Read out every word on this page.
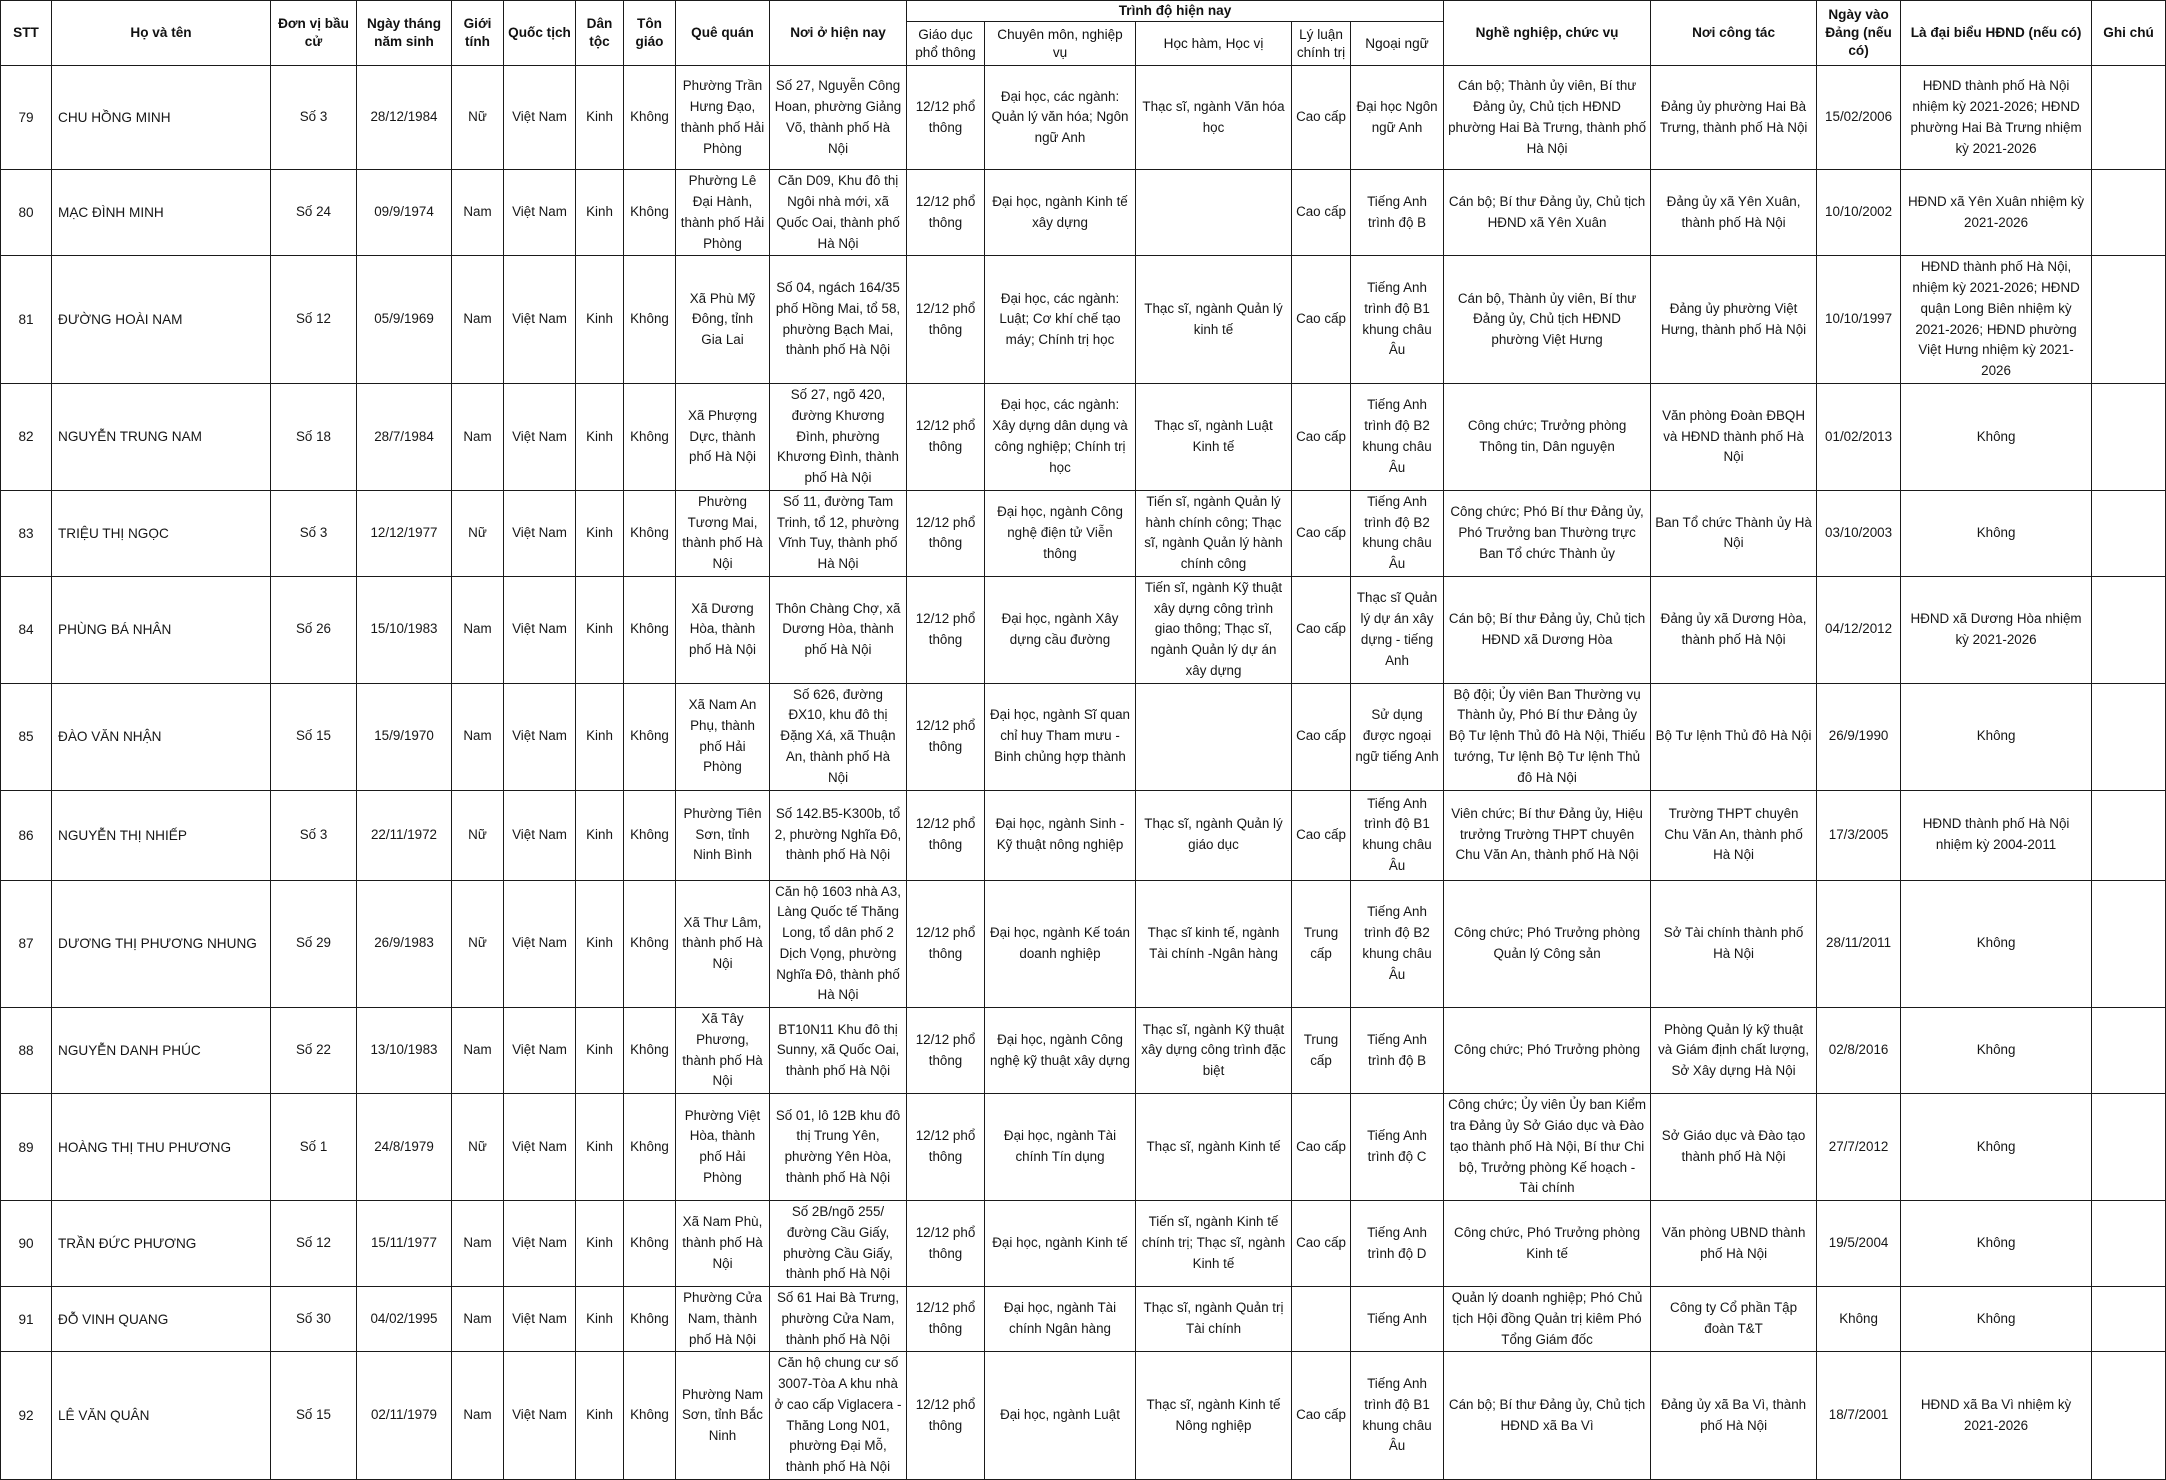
STT	Họ và tên	Đơn vị bầu cử	Ngày tháng năm sinh	Giới tính	Quốc tịch	Dân tộc	Tôn giáo	Quê quán	Nơi ở hiện nay	Trình độ hiện nay					Nghề nghiệp, chức vụ	Nơi công tác	Ngày vào Đảng (nếu có)	Là đại biểu HĐND (nếu có)	Ghi chú
										Giáo dục phổ thông	Chuyên môn, nghiệp vụ	Học hàm, Học vị	Lý luận chính trị	Ngoại ngữ					
79	CHU HỒNG MINH	Số 3	28/12/1984	Nữ	Việt Nam	Kinh	Không	Phường Trần Hưng Đạo, thành phố Hải Phòng	Số 27, Nguyễn Công Hoan, phường Giảng Võ, thành phố Hà Nội	12/12 phổ thông	Đại học, các ngành: Quản lý văn hóa; Ngôn ngữ Anh	Thạc sĩ, ngành Văn hóa học	Cao cấp	Đại học Ngôn ngữ Anh	Cán bộ; Thành ủy viên, Bí thư Đảng ủy, Chủ tịch HĐND phường Hai Bà Trưng, thành phố Hà Nội	Đảng ủy phường Hai Bà Trưng, thành phố Hà Nội	15/02/2006	HĐND thành phố Hà Nội nhiệm kỳ 2021-2026; HĐND phường Hai Bà Trưng nhiệm kỳ 2021-2026	
80	MẠC ĐÌNH MINH	Số 24	09/9/1974	Nam	Việt Nam	Kinh	Không	Phường Lê Đại Hành, thành phố Hải Phòng	Căn D09, Khu đô thị Ngôi nhà mới, xã Quốc Oai, thành phố Hà Nội	12/12 phổ thông	Đại học, ngành Kinh tế xây dựng		Cao cấp	Tiếng Anh trình độ B	Cán bộ; Bí thư Đảng ủy, Chủ tịch HĐND xã Yên Xuân	Đảng ủy xã Yên Xuân, thành phố Hà Nội	10/10/2002	HĐND xã Yên Xuân nhiệm kỳ 2021-2026	
81	ĐƯỜNG HOÀI NAM	Số 12	05/9/1969	Nam	Việt Nam	Kinh	Không	Xã Phù Mỹ Đông, tỉnh Gia Lai	Số 04, ngách 164/35 phố Hồng Mai, tổ 58, phường Bạch Mai, thành phố Hà Nội	12/12 phổ thông	Đại học, các ngành: Luật; Cơ khí chế tạo máy; Chính trị học	Thạc sĩ, ngành Quản lý kinh tế	Cao cấp	Tiếng Anh trình độ B1 khung châu Âu	Cán bộ, Thành ủy viên, Bí thư Đảng ủy, Chủ tịch HĐND phường Việt Hưng	Đảng ủy phường Việt Hưng, thành phố Hà Nội	10/10/1997	HĐND thành phố Hà Nội, nhiệm kỳ 2021-2026; HĐND quận Long Biên nhiệm kỳ 2021-2026; HĐND phường Việt Hưng nhiệm kỳ 2021-2026	
82	NGUYỄN TRUNG NAM	Số 18	28/7/1984	Nam	Việt Nam	Kinh	Không	Xã Phượng Dực, thành phố Hà Nội	Số 27, ngõ 420, đường Khương Đình, phường Khương Đình, thành phố Hà Nội	12/12 phổ thông	Đại học, các ngành: Xây dựng dân dụng và công nghiệp; Chính trị học	Thạc sĩ, ngành Luật Kinh tế	Cao cấp	Tiếng Anh trình độ B2 khung châu Âu	Công chức; Trưởng phòng Thông tin, Dân nguyện	Văn phòng Đoàn ĐBQH và HĐND thành phố Hà Nội	01/02/2013	Không	
83	TRIỆU THỊ NGỌC	Số 3	12/12/1977	Nữ	Việt Nam	Kinh	Không	Phường Tương Mai, thành phố Hà Nội	Số 11, đường Tam Trinh, tổ 12, phường Vĩnh Tuy, thành phố Hà Nội	12/12 phổ thông	Đại học, ngành Công nghệ điện tử Viễn thông	Tiến sĩ, ngành Quản lý hành chính công; Thạc sĩ, ngành Quản lý hành chính công	Cao cấp	Tiếng Anh trình độ B2 khung châu Âu	Công chức; Phó Bí thư Đảng ủy, Phó Trưởng ban Thường trực Ban Tổ chức Thành ủy	Ban Tổ chức Thành ủy Hà Nội	03/10/2003	Không	
84	PHÙNG BÁ NHÂN	Số 26	15/10/1983	Nam	Việt Nam	Kinh	Không	Xã Dương Hòa, thành phố Hà Nội	Thôn Chàng Chợ, xã Dương Hòa, thành phố Hà Nội	12/12 phổ thông	Đại học, ngành Xây dựng cầu đường	Tiến sĩ, ngành Kỹ thuật xây dựng công trình giao thông; Thạc sĩ, ngành Quản lý dự án xây dựng	Cao cấp	Thạc sĩ Quản lý dự án xây dựng - tiếng Anh	Cán bộ; Bí thư Đảng ủy, Chủ tịch HĐND xã Dương Hòa	Đảng ủy xã Dương Hòa, thành phố Hà Nội	04/12/2012	HĐND xã Dương Hòa nhiệm kỳ 2021-2026	
85	ĐÀO VĂN NHẬN	Số 15	15/9/1970	Nam	Việt Nam	Kinh	Không	Xã Nam An Phụ, thành phố Hải Phòng	Số 626, đường ĐX10, khu đô thị Đặng Xá, xã Thuận An, thành phố Hà Nội	12/12 phổ thông	Đại học, ngành Sĩ quan chỉ huy Tham mưu - Binh chủng hợp thành		Cao cấp	Sử dụng được ngoại ngữ tiếng Anh	Bộ đội; Ủy viên Ban Thường vụ Thành ủy, Phó Bí thư Đảng ủy Bộ Tư lệnh Thủ đô Hà Nội, Thiếu tướng, Tư lệnh Bộ Tư lệnh Thủ đô Hà Nội	Bộ Tư lệnh Thủ đô Hà Nội	26/9/1990	Không	
86	NGUYỄN THỊ NHIẾP	Số 3	22/11/1972	Nữ	Việt Nam	Kinh	Không	Phường Tiên Sơn, tỉnh Ninh Bình	Số 142.B5-K300b, tổ 2, phường Nghĩa Đô, thành phố Hà Nội	12/12 phổ thông	Đại học, ngành Sinh - Kỹ thuật nông nghiệp	Thạc sĩ, ngành Quản lý giáo dục	Cao cấp	Tiếng Anh trình độ B1 khung châu Âu	Viên chức; Bí thư Đảng ủy, Hiệu trưởng Trường THPT chuyên Chu Văn An, thành phố Hà Nội	Trường THPT chuyên Chu Văn An, thành phố Hà Nội	17/3/2005	HĐND thành phố Hà Nội nhiệm kỳ 2004-2011	
87	DƯƠNG THỊ PHƯƠNG NHUNG	Số 29	26/9/1983	Nữ	Việt Nam	Kinh	Không	Xã Thư Lâm, thành phố Hà Nội	Căn hộ 1603 nhà A3, Làng Quốc tế Thăng Long, tổ dân phố 2 Dịch Vọng, phường Nghĩa Đô, thành phố Hà Nội	12/12 phổ thông	Đại học, ngành Kế toán doanh nghiệp	Thạc sĩ kinh tế, ngành Tài chính -Ngân hàng	Trung cấp	Tiếng Anh trình độ B2 khung châu Âu	Công chức; Phó Trưởng phòng Quản lý Công sản	Sở Tài chính thành phố Hà Nội	28/11/2011	Không	
88	NGUYỄN DANH PHÚC	Số 22	13/10/1983	Nam	Việt Nam	Kinh	Không	Xã Tây Phương, thành phố Hà Nội	BT10N11 Khu đô thị Sunny, xã Quốc Oai, thành phố Hà Nội	12/12 phổ thông	Đại học, ngành Công nghệ kỹ thuật xây dựng	Thạc sĩ, ngành Kỹ thuật xây dựng công trình đặc biệt	Trung cấp	Tiếng Anh trình độ B	Công chức; Phó Trưởng phòng	Phòng Quản lý kỹ thuật và Giám định chất lượng, Sở Xây dựng Hà Nội	02/8/2016	Không	
89	HOÀNG THỊ THU PHƯƠNG	Số 1	24/8/1979	Nữ	Việt Nam	Kinh	Không	Phường Việt Hòa, thành phố Hải Phòng	Số 01, lô 12B khu đô thị Trung Yên, phường Yên Hòa, thành phố Hà Nội	12/12 phổ thông	Đại học, ngành Tài chính Tín dụng	Thạc sĩ, ngành Kinh tế	Cao cấp	Tiếng Anh trình độ C	Công chức; Ủy viên Ủy ban Kiểm tra Đảng ủy Sở Giáo dục và Đào tạo thành phố Hà Nội, Bí thư Chi bộ, Trưởng phòng Kế hoạch - Tài chính	Sở Giáo dục và Đào tạo thành phố Hà Nội	27/7/2012	Không	
90	TRẦN ĐỨC PHƯƠNG	Số 12	15/11/1977	Nam	Việt Nam	Kinh	Không	Xã Nam Phù, thành phố Hà Nội	Số 2B/ngõ 255/ đường Cầu Giấy, phường Cầu Giấy, thành phố Hà Nội	12/12 phổ thông	Đại học, ngành Kinh tế	Tiến sĩ, ngành Kinh tế chính trị; Thạc sĩ, ngành Kinh tế	Cao cấp	Tiếng Anh trình độ D	Công chức, Phó Trưởng phòng Kinh tế	Văn phòng UBND thành phố Hà Nội	19/5/2004	Không	
91	ĐỖ VINH QUANG	Số 30	04/02/1995	Nam	Việt Nam	Kinh	Không	Phường Cửa Nam, thành phố Hà Nội	Số 61 Hai Bà Trưng, phường Cửa Nam, thành phố Hà Nội	12/12 phổ thông	Đại học, ngành Tài chính Ngân hàng	Thạc sĩ, ngành Quản trị Tài chính		Tiếng Anh	Quản lý doanh nghiệp; Phó Chủ tịch Hội đồng Quản trị kiêm Phó Tổng Giám đốc	Công ty Cổ phần Tập đoàn T&T	Không	Không	
92	LÊ VĂN QUÂN	Số 15	02/11/1979	Nam	Việt Nam	Kinh	Không	Phường Nam Sơn, tỉnh Bắc Ninh	Căn hộ chung cư số 3007-Tòa A khu nhà ở cao cấp Viglacera - Thăng Long N01, phường Đại Mỗ, thành phố Hà Nội	12/12 phổ thông	Đại học, ngành Luật	Thạc sĩ, ngành Kinh tế Nông nghiệp	Cao cấp	Tiếng Anh trình độ B1 khung châu Âu	Cán bộ; Bí thư Đảng ủy, Chủ tịch HĐND xã Ba Vì	Đảng ủy xã Ba Vì, thành phố Hà Nội	18/7/2001	HĐND xã Ba Vì nhiệm kỳ 2021-2026	
